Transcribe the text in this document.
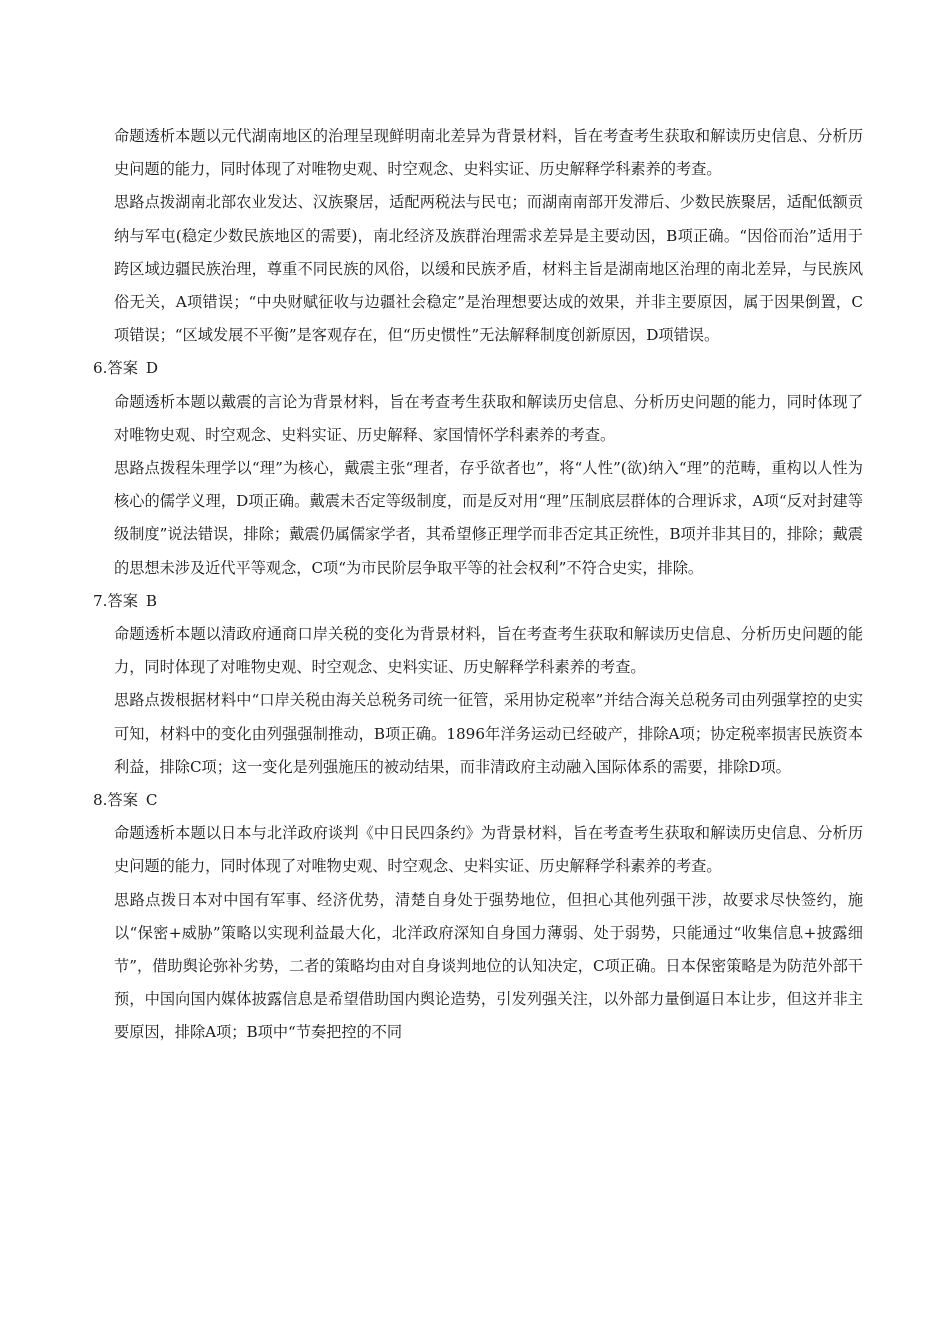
命题透析本题以元代湖南地区的治理呈现鲜明南北差异为背景材料，旨在考查考生获取和解读历史信息、分析历史问题的能力，同时体现了对唯物史观、时空观念、史料实证、历史解释学科素养的考查。

思路点拨湖南北部农业发达、汉族聚居，适配两税法与民屯；而湖南南部开发滞后、少数民族聚居，适配低额贡纳与军屯(稳定少数民族地区的需要)，南北经济及族群治理需求差异是主要动因，B项正确。“因俗而治”适用于跨区域边疆民族治理，尊重不同民族的风俗，以缓和民族矛盾，材料主旨是湖南地区治理的南北差异，与民族风俗无关，A项错误；“中央财赋征收与边疆社会稳定”是治理想要达成的效果，并非主要原因，属于因果倒置，C项错误；“区域发展不平衡”是客观存在，但“历史惯性”无法解释制度创新原因，D项错误。

6.答案 D

命题透析本题以戴震的言论为背景材料，旨在考查考生获取和解读历史信息、分析历史问题的能力，同时体现了对唯物史观、时空观念、史料实证、历史解释、家国情怀学科素养的考查。

思路点拨程朱理学以“理”为核心，戴震主张“理者，存乎欲者也”，将“人性”(欲)纳入“理”的范畴，重构以人性为核心的儒学义理，D项正确。戴震未否定等级制度，而是反对用“理”压制底层群体的合理诉求，A项“反对封建等级制度”说法错误，排除；戴震仍属儒家学者，其希望修正理学而非否定其正统性，B项并非其目的，排除；戴震的思想未涉及近代平等观念，C项“为市民阶层争取平等的社会权利”不符合史实，排除。

7.答案 B

命题透析本题以清政府通商口岸关税的变化为背景材料，旨在考查考生获取和解读历史信息、分析历史问题的能力，同时体现了对唯物史观、时空观念、史料实证、历史解释学科素养的考查。

思路点拨根据材料中“口岸关税由海关总税务司统一征管，采用协定税率”并结合海关总税务司由列强掌控的史实可知，材料中的变化由列强强制推动，B项正确。1896年洋务运动已经破产，排除A项；协定税率损害民族资本利益，排除C项；这一变化是列强施压的被动结果，而非清政府主动融入国际体系的需要，排除D项。

8.答案 C

命题透析本题以日本与北洋政府谈判《中日民四条约》为背景材料，旨在考查考生获取和解读历史信息、分析历史问题的能力，同时体现了对唯物史观、时空观念、史料实证、历史解释学科素养的考查。

思路点拨日本对中国有军事、经济优势，清楚自身处于强势地位，但担心其他列强干涉，故要求尽快签约，施以“保密+威胁”策略以实现利益最大化，北洋政府深知自身国力薄弱、处于弱势，只能通过“收集信息+披露细节”，借助舆论弥补劣势，二者的策略均由对自身谈判地位的认知决定，C项正确。日本保密策略是为防范外部干预，中国向国内媒体披露信息是希望借助国内舆论造势，引发列强关注，以外部力量倒逼日本让步，但这并非主要原因，排除A项；B项中“节奏把控的不同
